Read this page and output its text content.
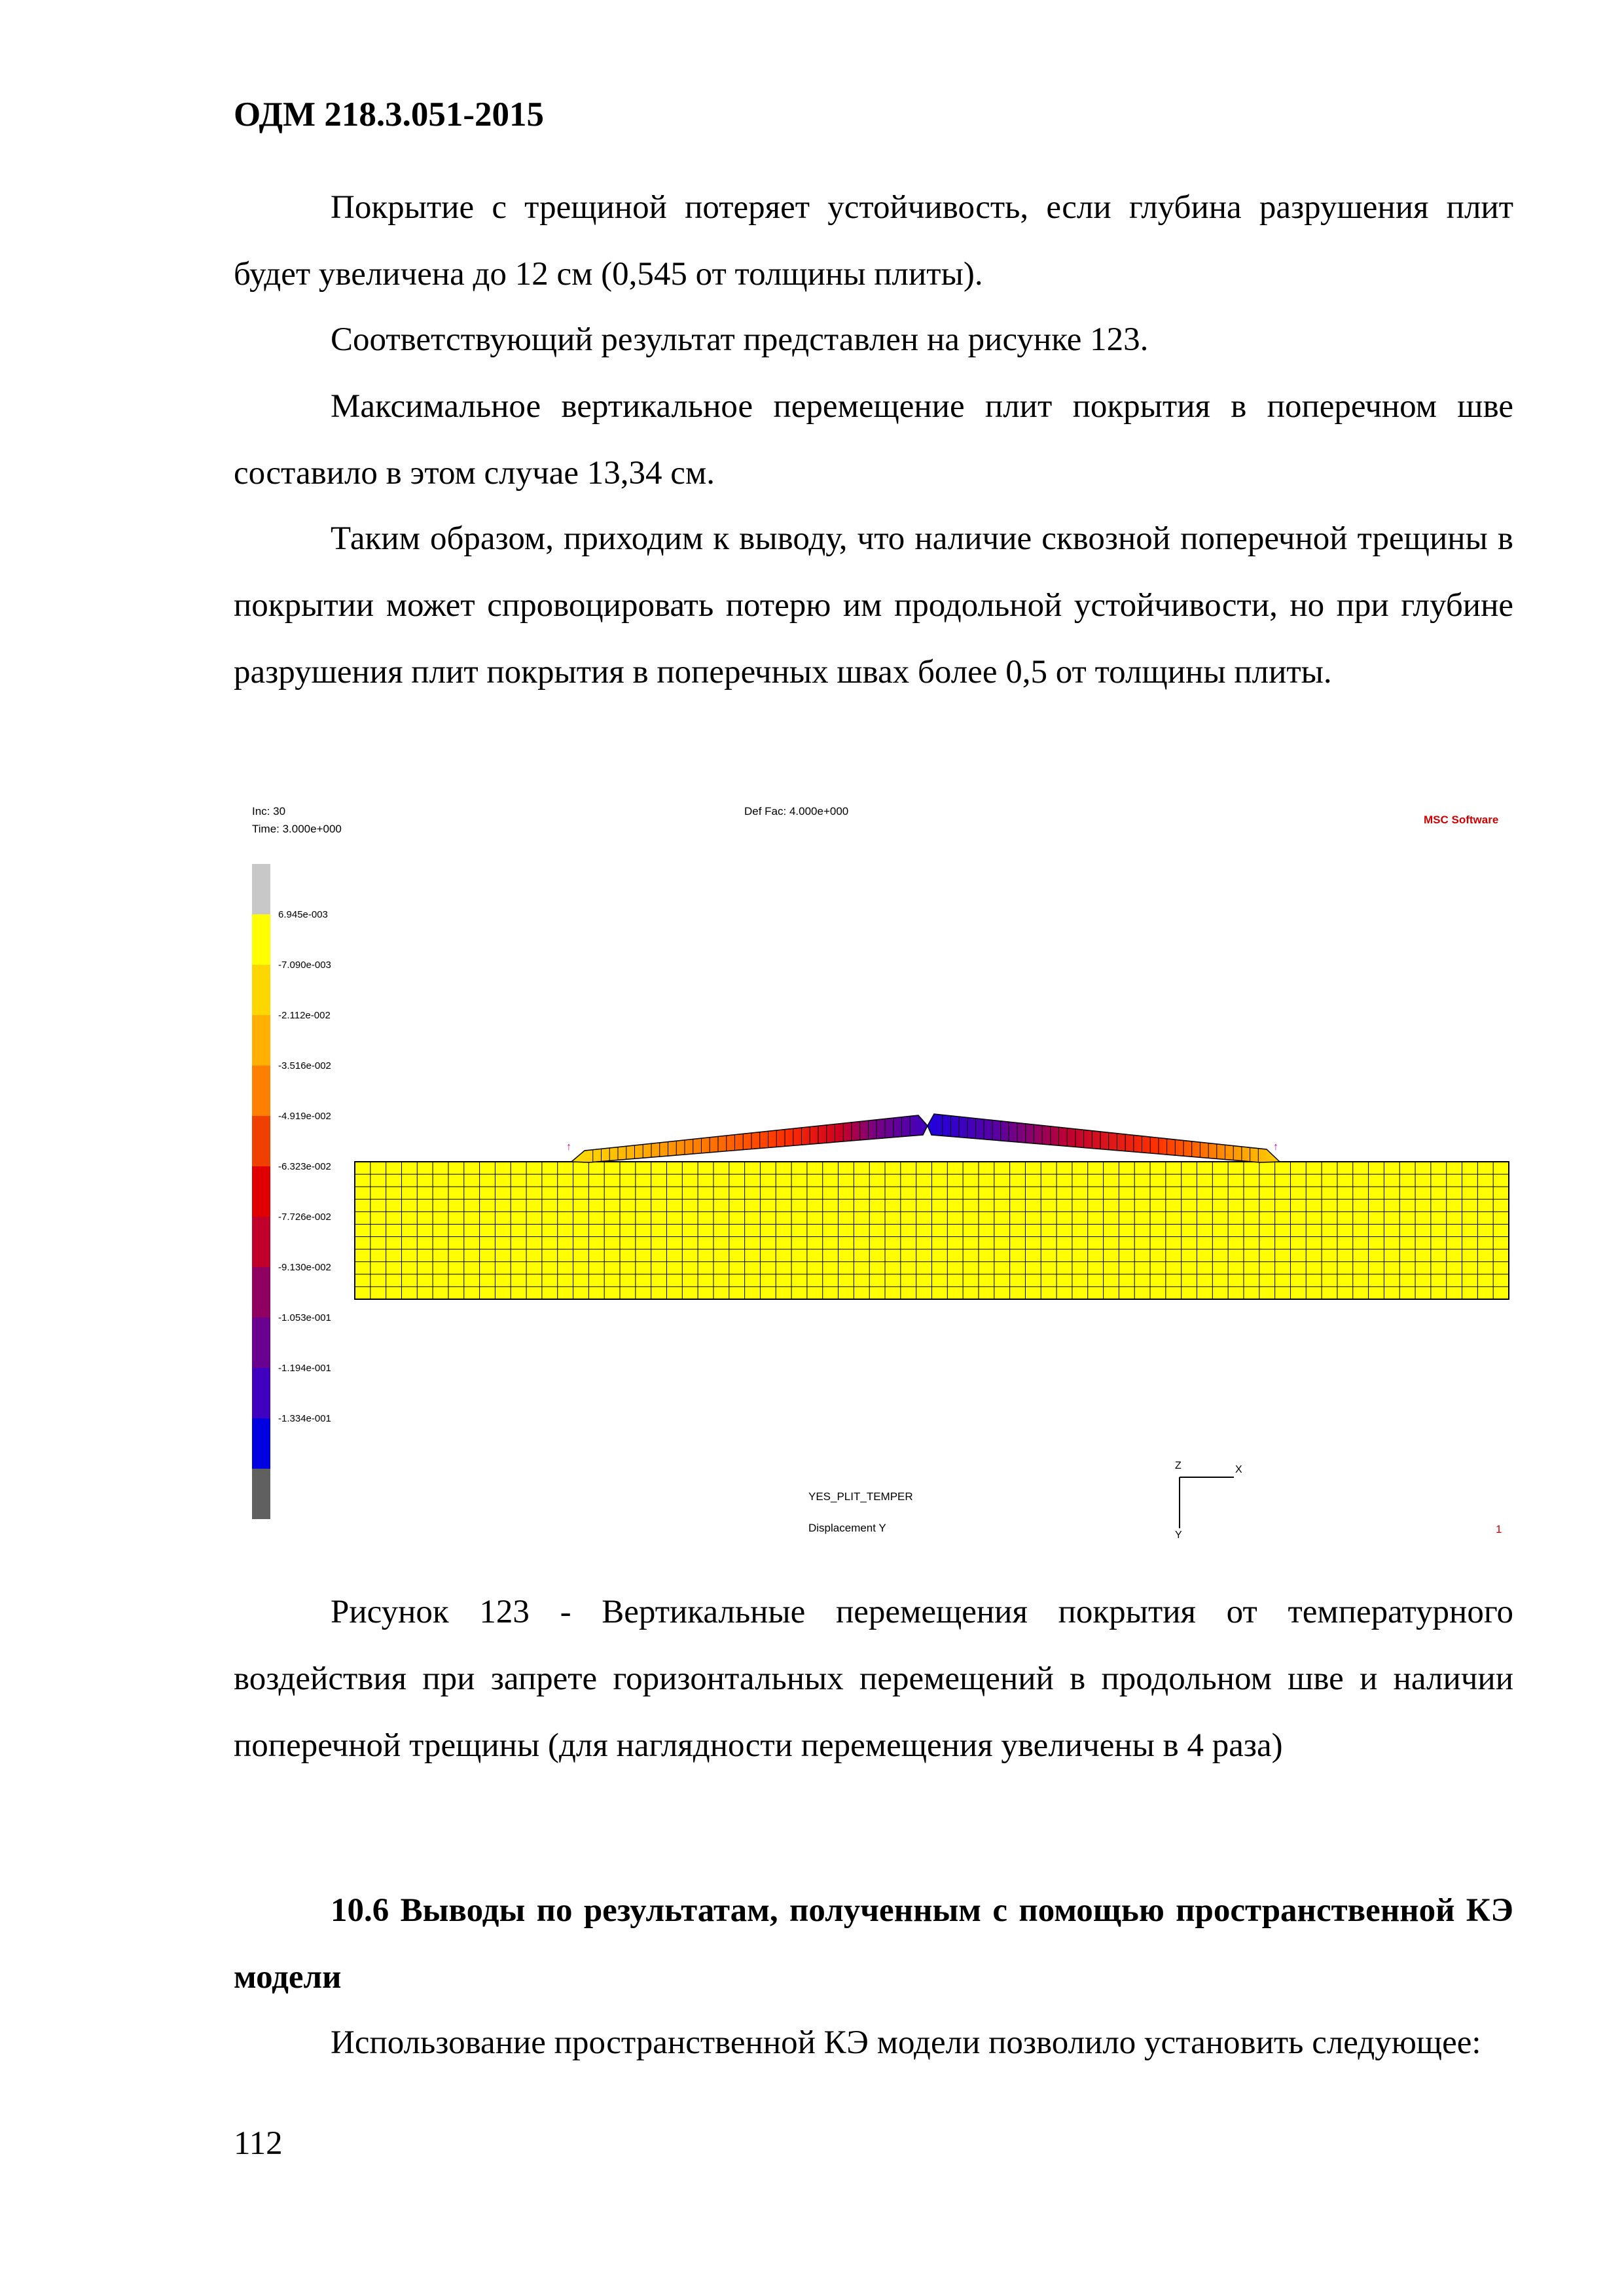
ОДМ 218.3.051-2015

Покрытие с трещиной потеряет устойчивость, если глубина разрушения плит будет увеличена до 12 см (0,545 от толщины плиты).

Соответствующий результат представлен на рисунке 123.

Максимальное вертикальное перемещение плит покрытия в поперечном шве составило в этом случае 13,34 см.

Таким образом, приходим к выводу, что наличие сквозной поперечной трещины в покрытии может спровоцировать потерю им продольной устойчивости, но при глубине разрушения плит покрытия в поперечных швах более 0,5 от толщины плиты.

Inc: 30
Time: 3.000e+000
Def Fac: 4.000e+000
MSC Software
6.945e-003
-7.090e-003
-2.112e-002
-3.516e-002
-4.919e-002
-6.323e-002
-7.726e-002
-9.130e-002
-1.053e-001
-1.194e-001
-1.334e-001
↑	↑
YES_PLIT_TEMPER
Displacement Y
X
Z
Y	1

Рисунок 123 - Вертикальные перемещения покрытия от температурного воздействия при запрете горизонтальных перемещений в продольном шве и наличии поперечной трещины (для наглядности перемещения увеличены в 4 раза)

10.6 Выводы по результатам, полученным с помощью пространственной КЭ модели

Использование пространственной КЭ модели позволило установить следующее:

112
